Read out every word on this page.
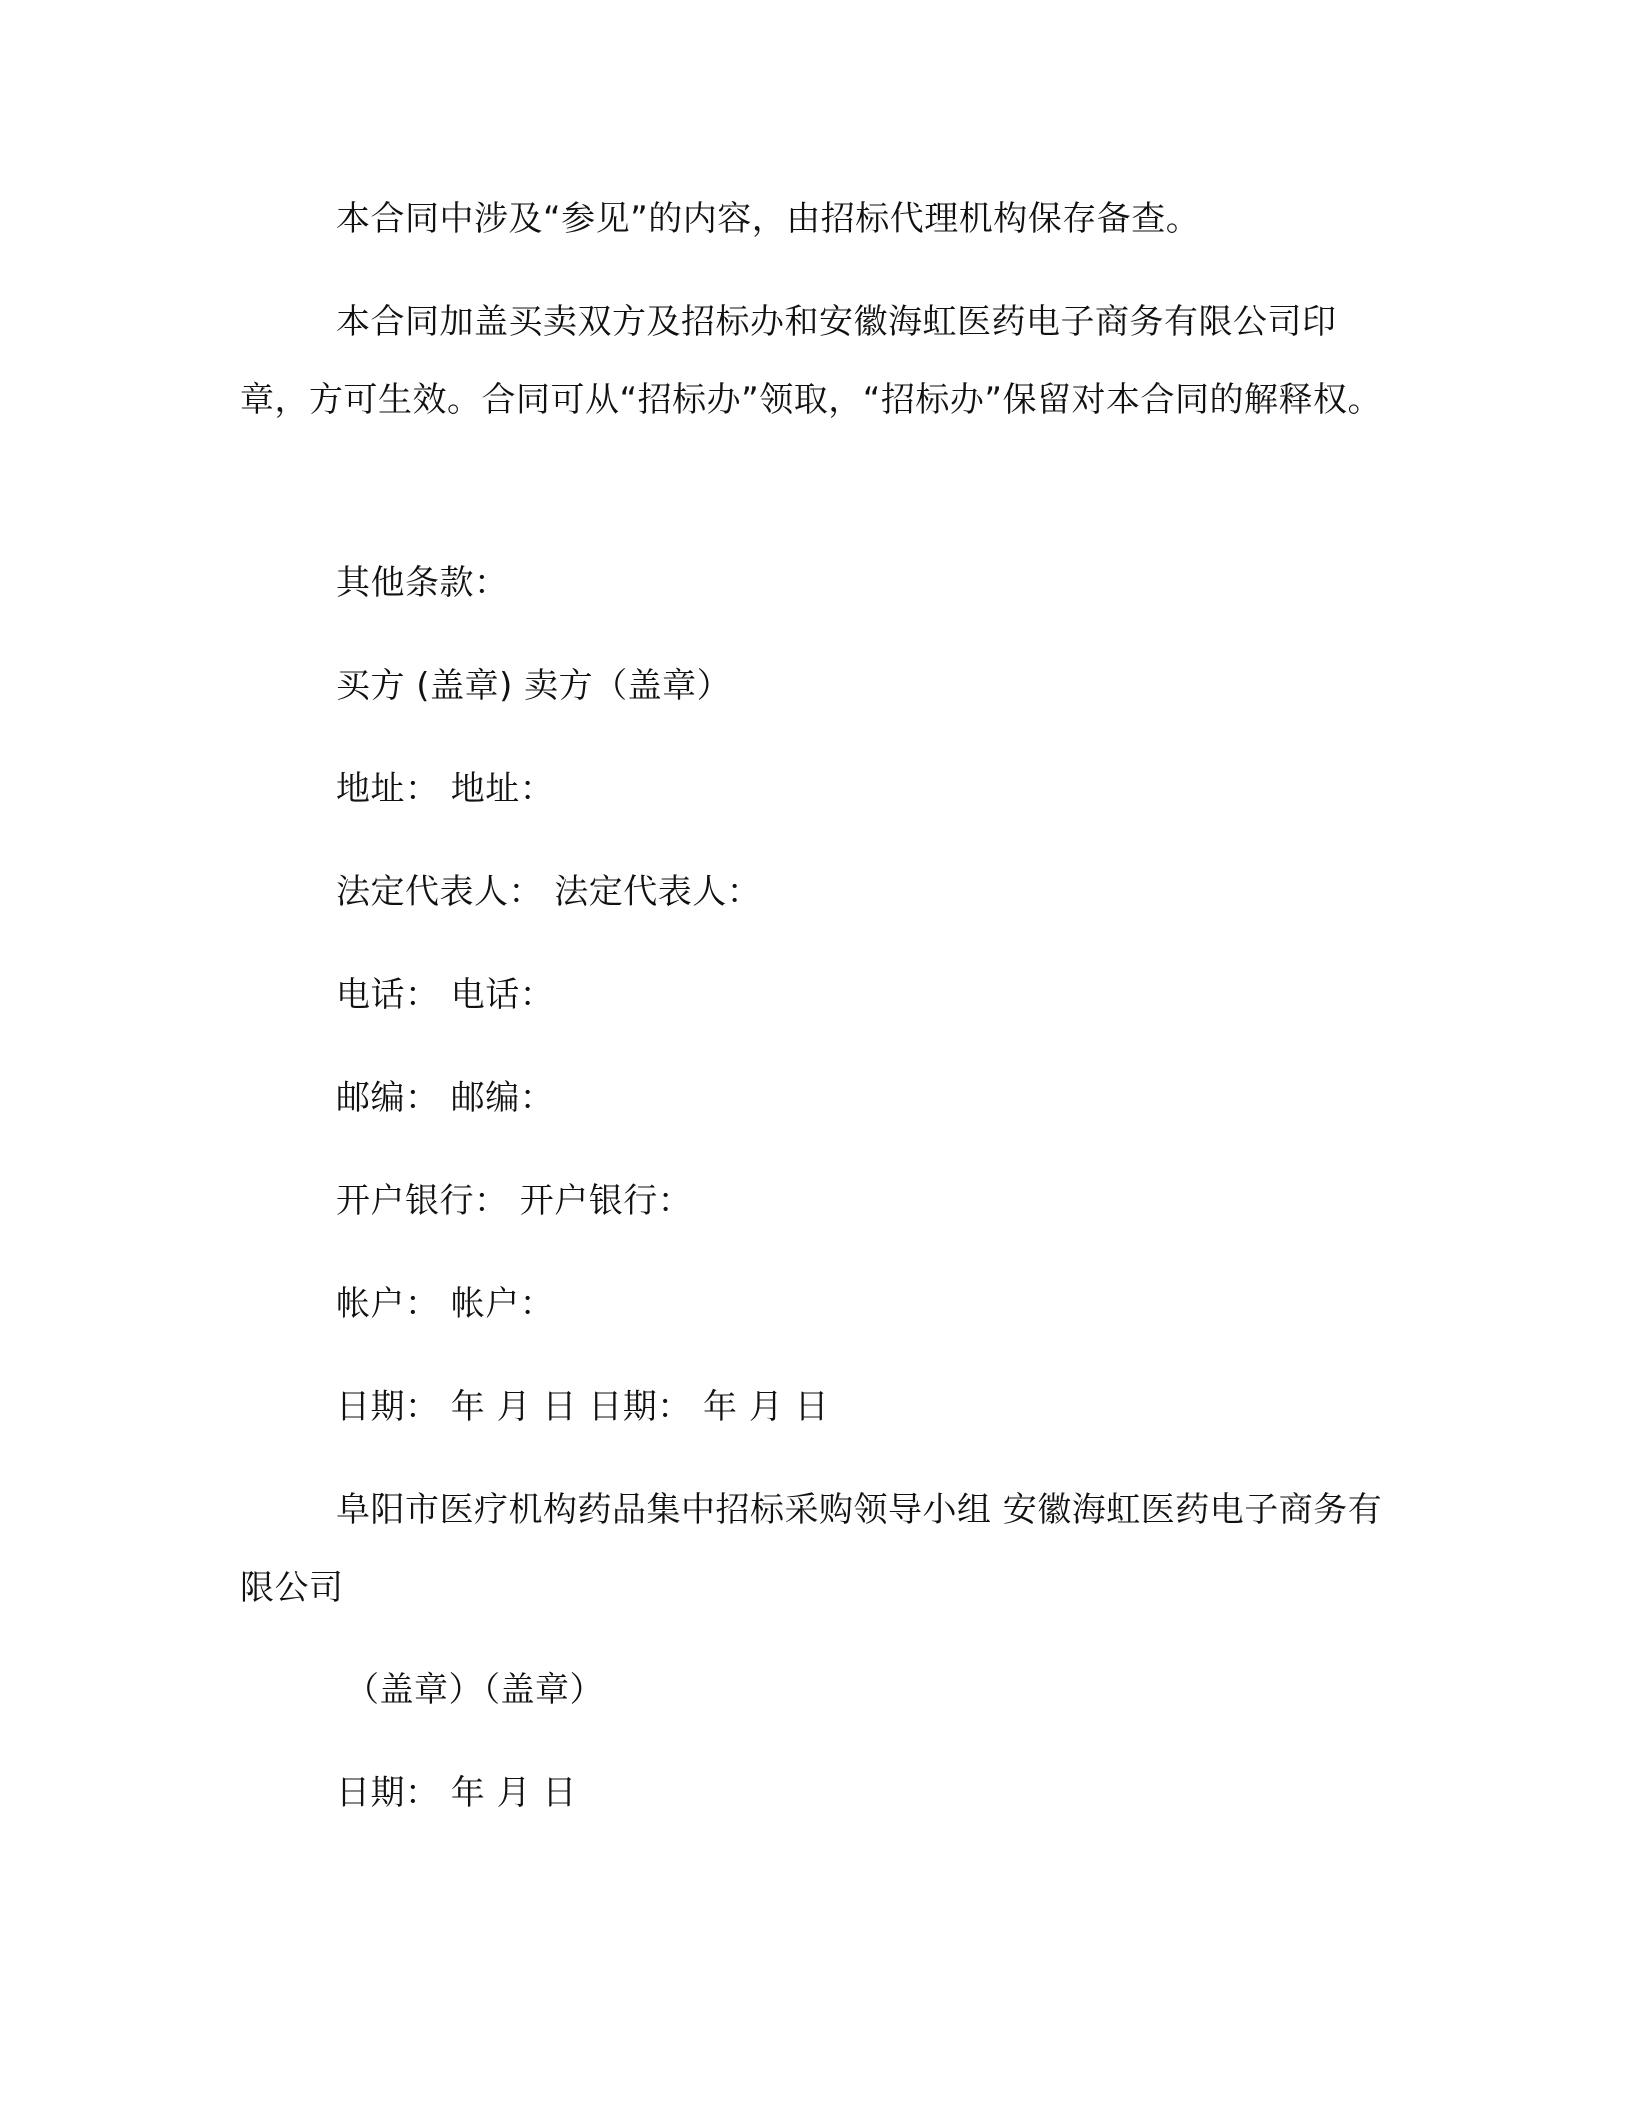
本合同中涉及“参见”的内容，由招标代理机构保存备查。

本合同加盖买卖双方及招标办和安徽海虹医药电子商务有限公司印章，方可生效。合同可从“招标办”领取，“招标办”保留对本合同的解释权。

其他条款：

买方 (盖章) 卖方（盖章）

地址： 地址：

法定代表人： 法定代表人：

电话： 电话：

邮编： 邮编：

开户银行： 开户银行：

帐户： 帐户：

日期： 年 月 日 日期： 年 月 日

阜阳市医疗机构药品集中招标采购领导小组 安徽海虹医药电子商务有限公司

（盖章）（盖章）

日期： 年 月 日
